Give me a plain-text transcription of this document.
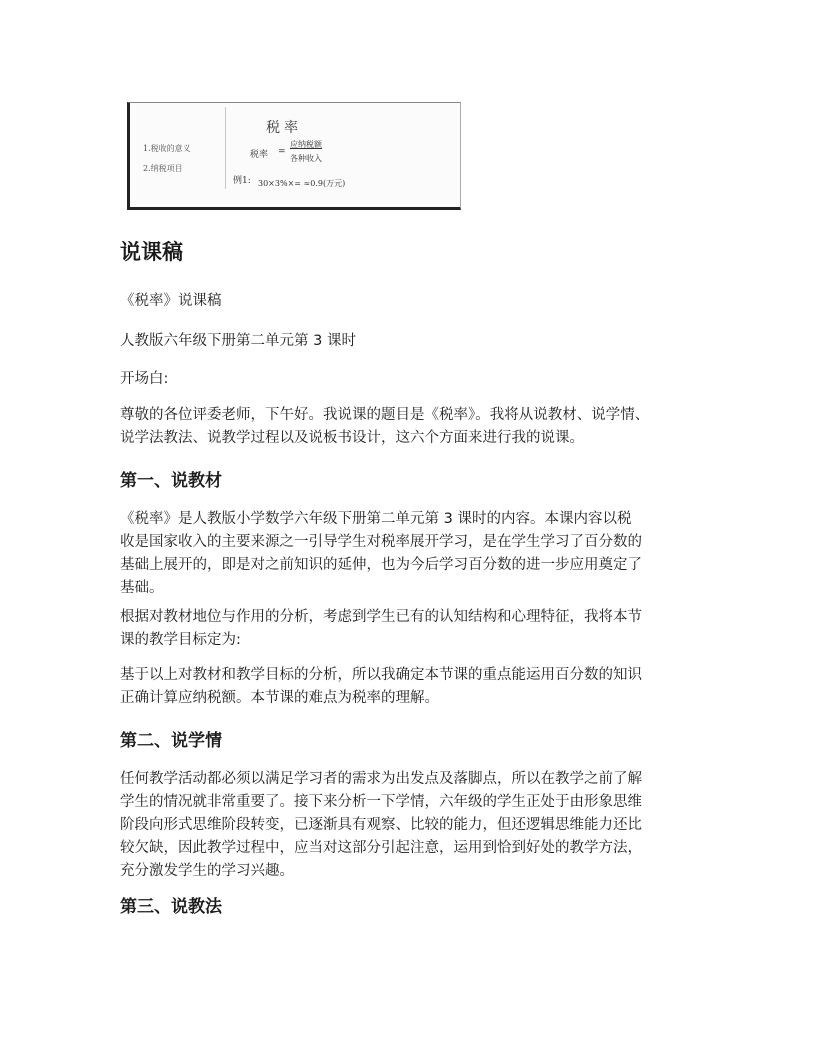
税率
1.税收的意义
2.纳税项目
税率 =
应纳税额
各种收入
例1: 30×3%×= ≈0.9(万元)
说课稿

《税率》说课稿

人教版六年级下册第二单元第 3 课时

开场白:

尊敬的各位评委老师，下午好。我说课的题目是《税率》。我将从说教材、说学情、
说学法教法、说教学过程以及说板书设计，这六个方面来进行我的说课。

第一、说教材

《税率》是人教版小学数学六年级下册第二单元第 3 课时的内容。本课内容以税
收是国家收入的主要来源之一引导学生对税率展开学习，是在学生学习了百分数的
基础上展开的，即是对之前知识的延伸，也为今后学习百分数的进一步应用奠定了
基础。

根据对教材地位与作用的分析，考虑到学生已有的认知结构和心理特征，我将本节
课的教学目标定为:

基于以上对教材和教学目标的分析，所以我确定本节课的重点能运用百分数的知识
正确计算应纳税额。本节课的难点为税率的理解。

第二、说学情

任何教学活动都必须以满足学习者的需求为出发点及落脚点，所以在教学之前了解
学生的情况就非常重要了。接下来分析一下学情，六年级的学生正处于由形象思维
阶段向形式思维阶段转变，已逐渐具有观察、比较的能力，但还逻辑思维能力还比
较欠缺，因此教学过程中，应当对这部分引起注意，运用到恰到好处的教学方法，
充分激发学生的学习兴趣。

第三、说教法
